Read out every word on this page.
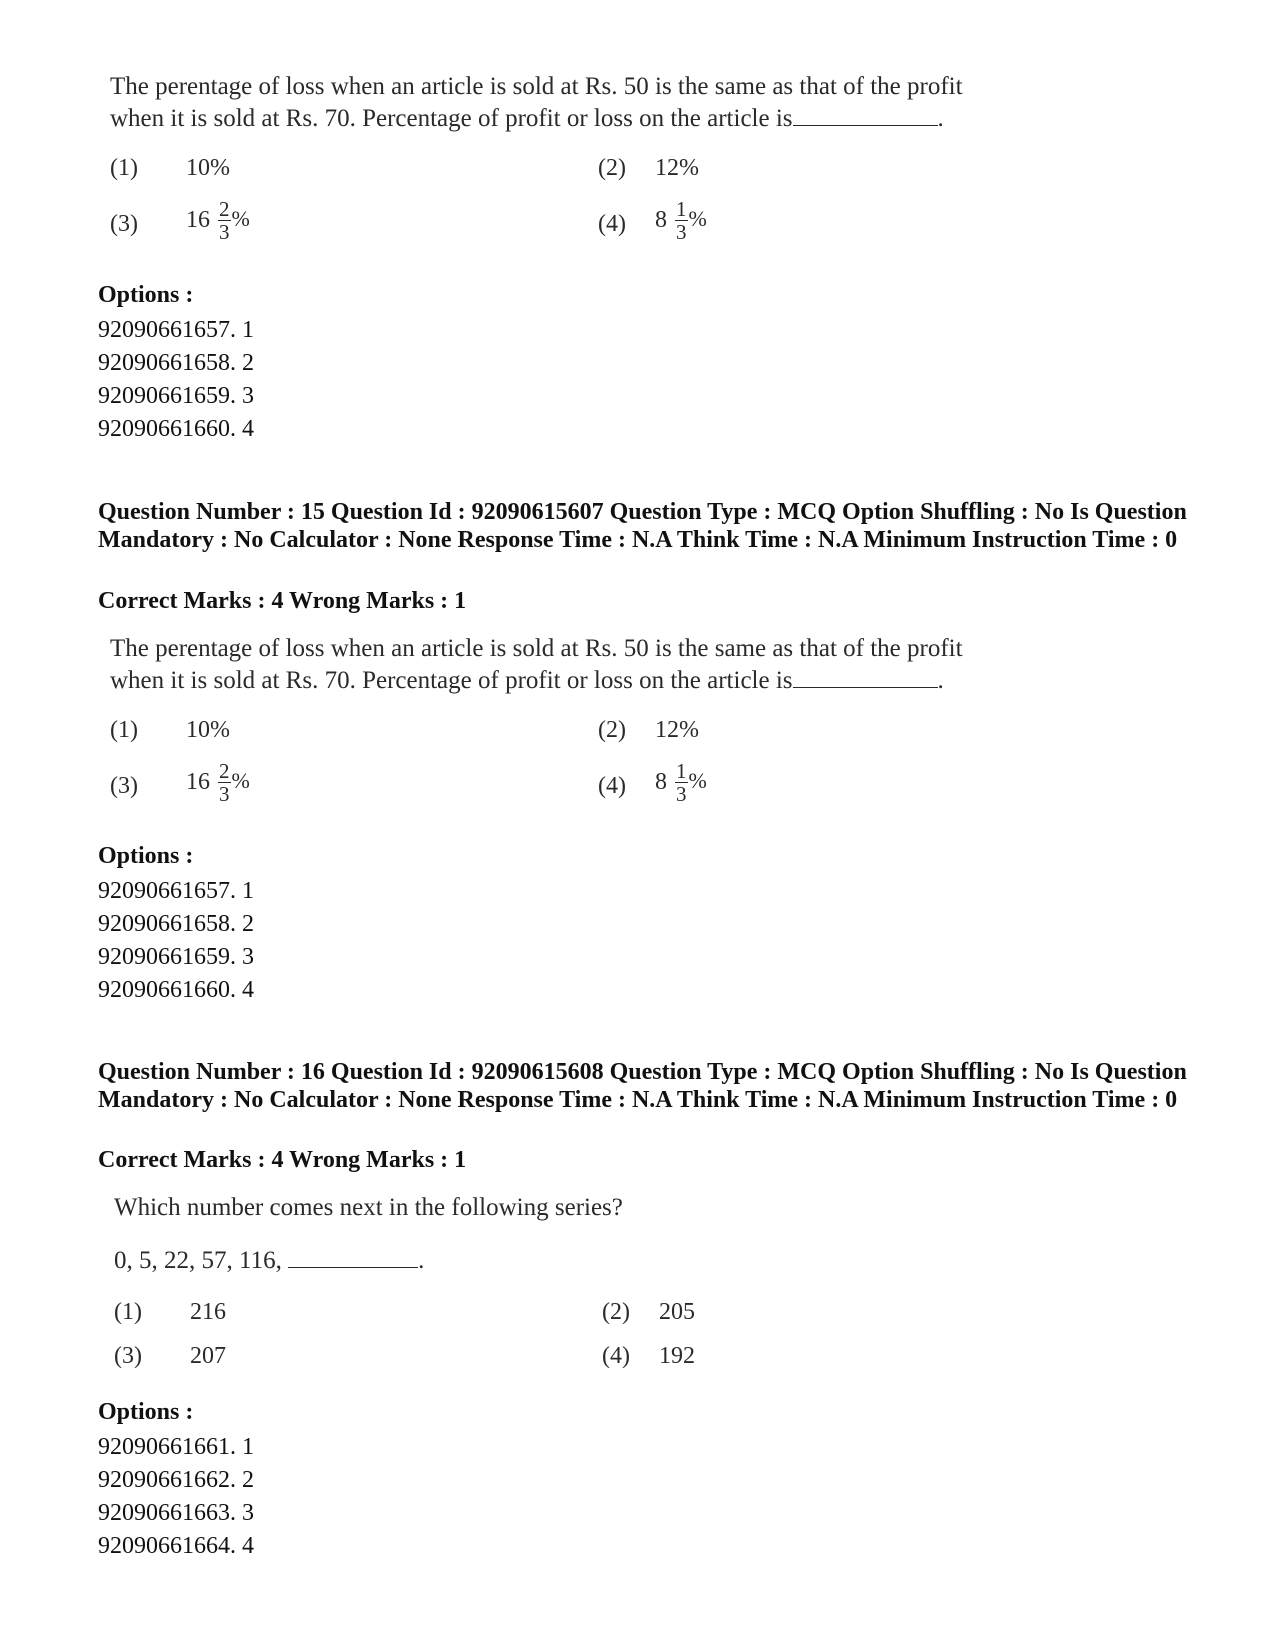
The perentage of loss when an article is sold at Rs. 50 is the same as that of the profit
when it is sold at Rs. 70. Percentage of profit or loss on the article is	.
(1) 10%	(2) 12%
(3) $16 \frac{2}{3}$ %	(4) $8 \frac{1}{3}$ %
Options :
92090661657. 1
92090661658. 2
92090661659. 3
92090661660. 4
Question Number : 15 Question Id : 92090615607 Question Type : MCQ Option Shuffling : No Is Question Mandatory : No Calculator : None Response Time : N.A Think Time : N.A Minimum Instruction Time : 0
Correct Marks : 4 Wrong Marks : 1
The perentage of loss when an article is sold at Rs. 50 is the same as that of the profit
when it is sold at Rs. 70. Percentage of profit or loss on the article is	.
(1) 10%	(2) 12%
(3) $16 \frac{2}{3}$ %	(4) $8 \frac{1}{3}$ %
Options :
92090661657. 1
92090661658. 2
92090661659. 3
92090661660. 4
Question Number : 16 Question Id : 92090615608 Question Type : MCQ Option Shuffling : No Is Question Mandatory : No Calculator : None Response Time : N.A Think Time : N.A Minimum Instruction Time : 0
Correct Marks : 4 Wrong Marks : 1
Which number comes next in the following series?
0, 5, 22, 57, 116,	.
(1) 216	(2) 205
(3) 207	(4) 192
Options :
92090661661. 1
92090661662. 2
92090661663. 3
92090661664. 4
